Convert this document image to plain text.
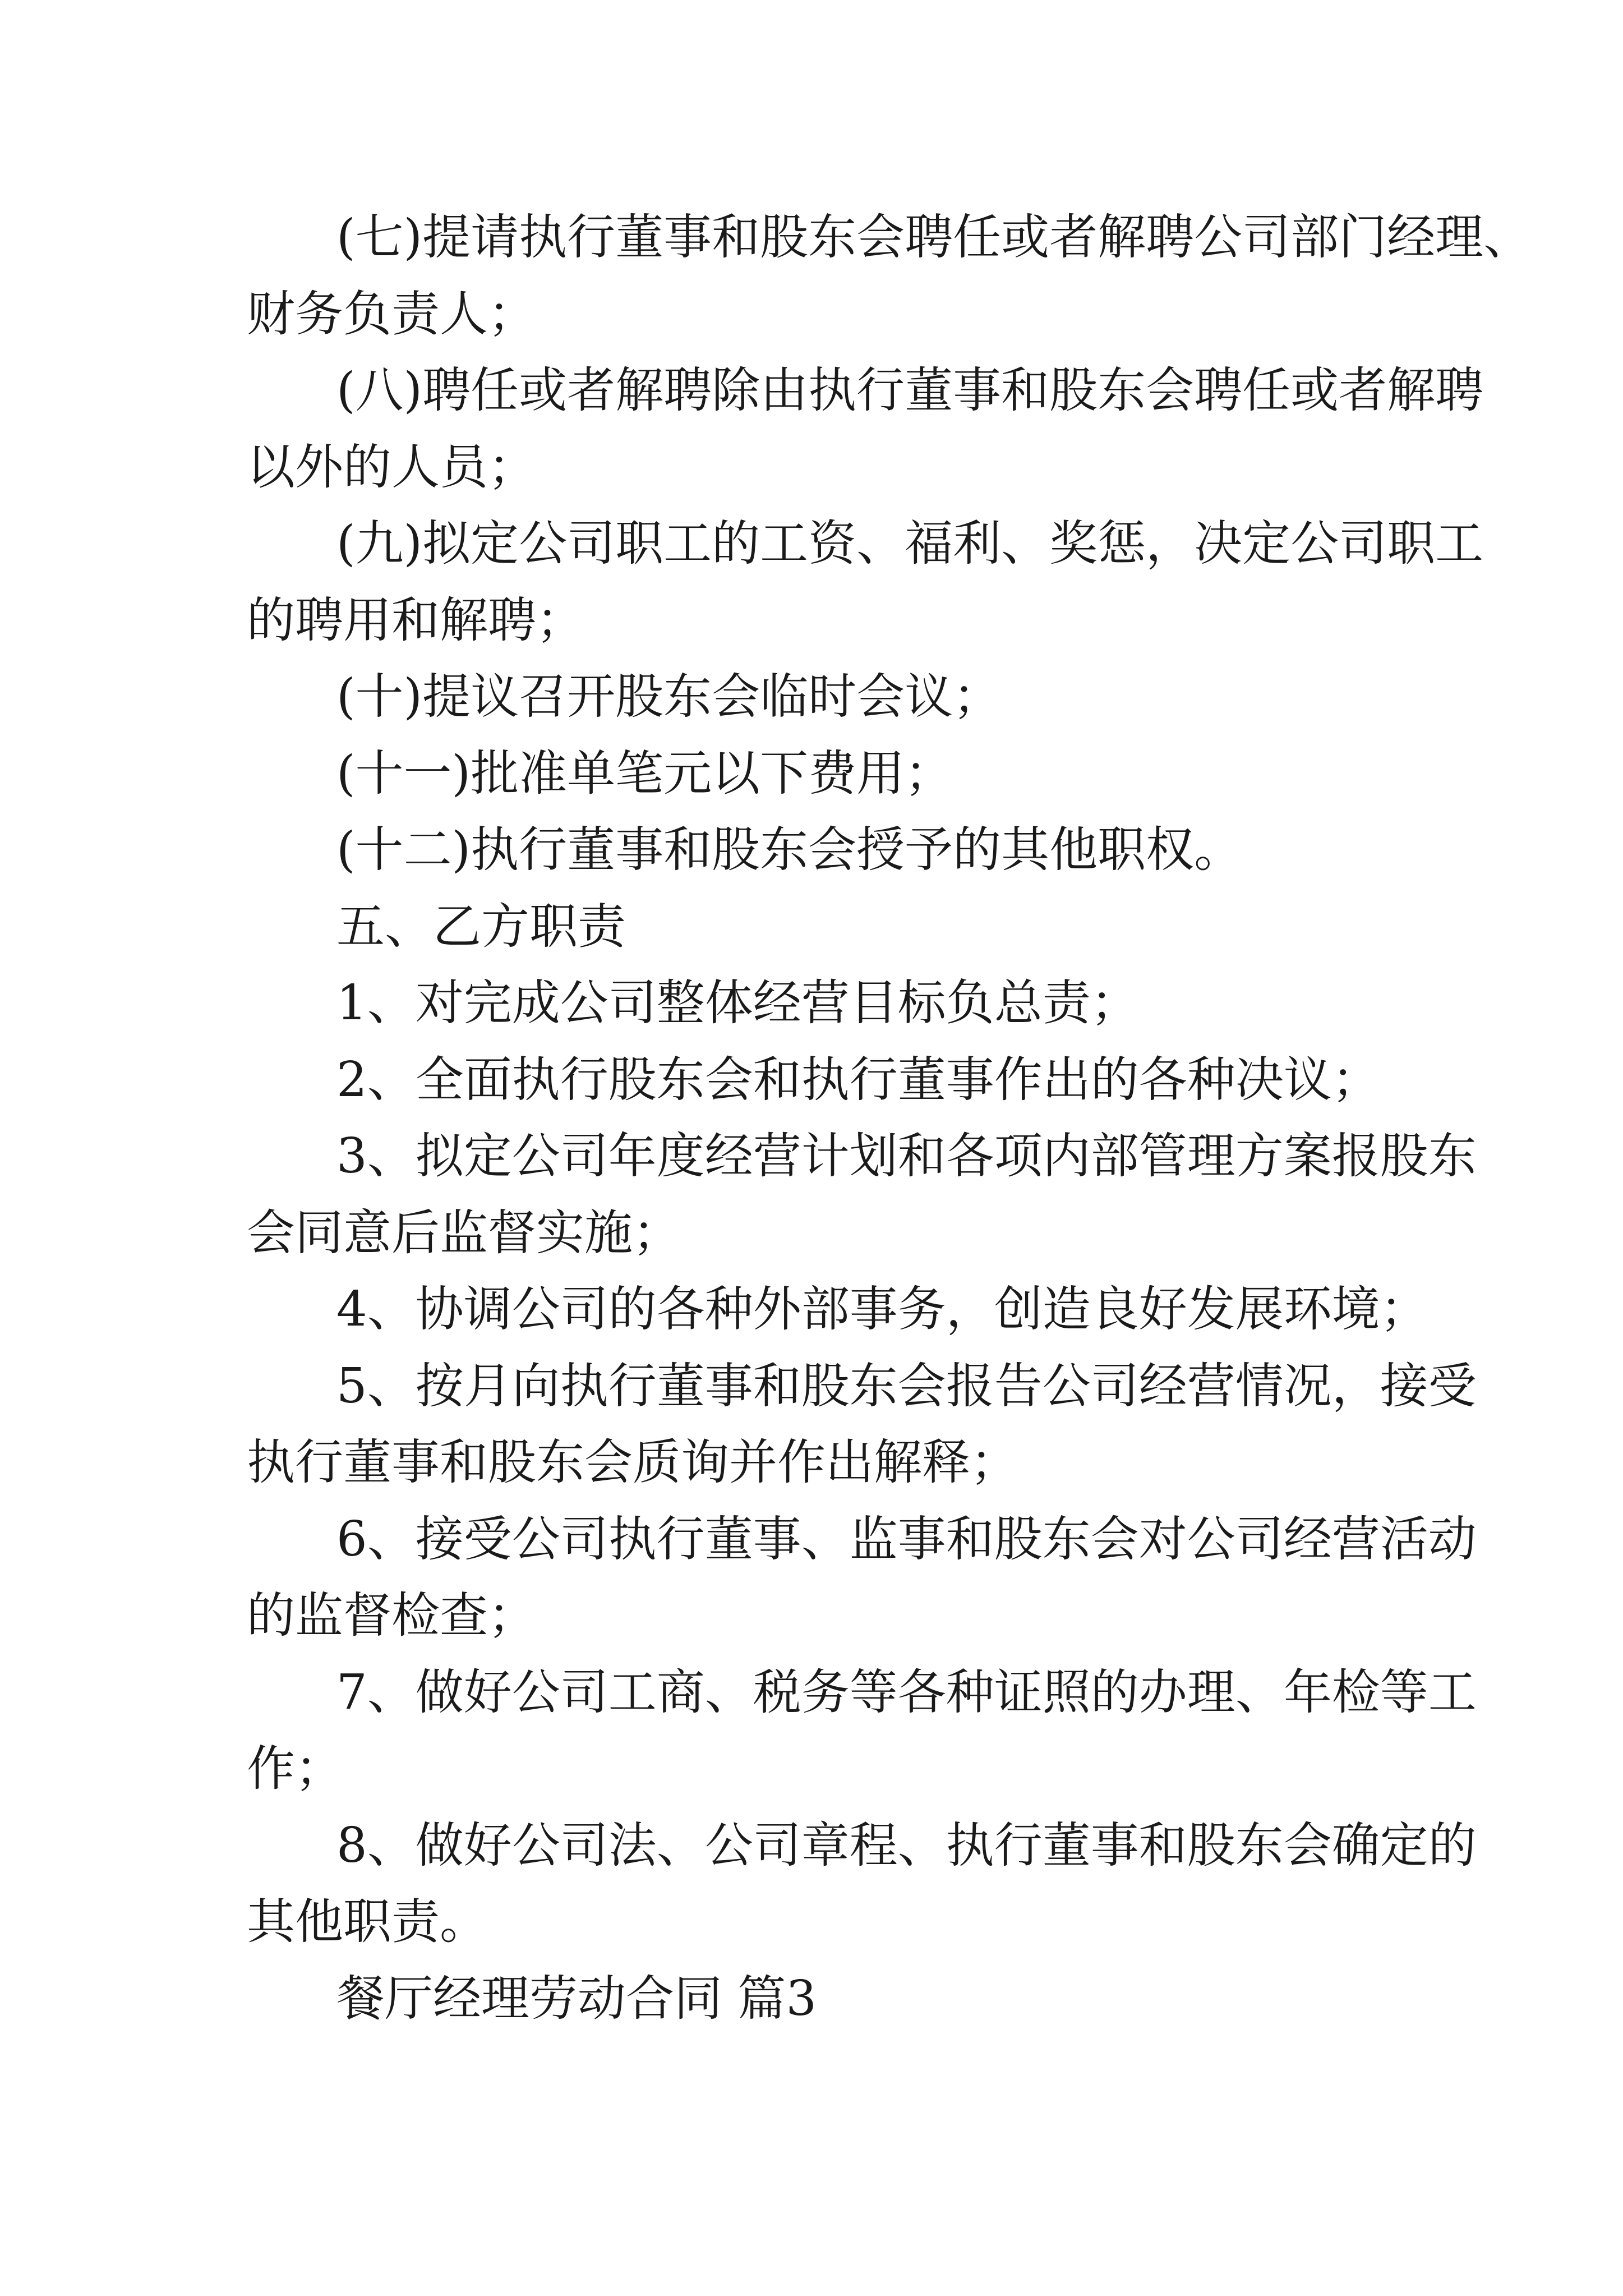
(七)提请执行董事和股东会聘任或者解聘公司部门经理、
财务负责人；

(八)聘任或者解聘除由执行董事和股东会聘任或者解聘
以外的人员；

(九)拟定公司职工的工资、福利、奖惩，决定公司职工
的聘用和解聘；

(十)提议召开股东会临时会议；

(十一)批准单笔元以下费用；

(十二)执行董事和股东会授予的其他职权。

五、乙方职责

1、对完成公司整体经营目标负总责；

2、全面执行股东会和执行董事作出的各种决议；

3、拟定公司年度经营计划和各项内部管理方案报股东
会同意后监督实施；

4、协调公司的各种外部事务，创造良好发展环境；

5、按月向执行董事和股东会报告公司经营情况，接受
执行董事和股东会质询并作出解释；

6、接受公司执行董事、监事和股东会对公司经营活动
的监督检查；

7、做好公司工商、税务等各种证照的办理、年检等工
作；

8、做好公司法、公司章程、执行董事和股东会确定的
其他职责。

餐厅经理劳动合同 篇3
